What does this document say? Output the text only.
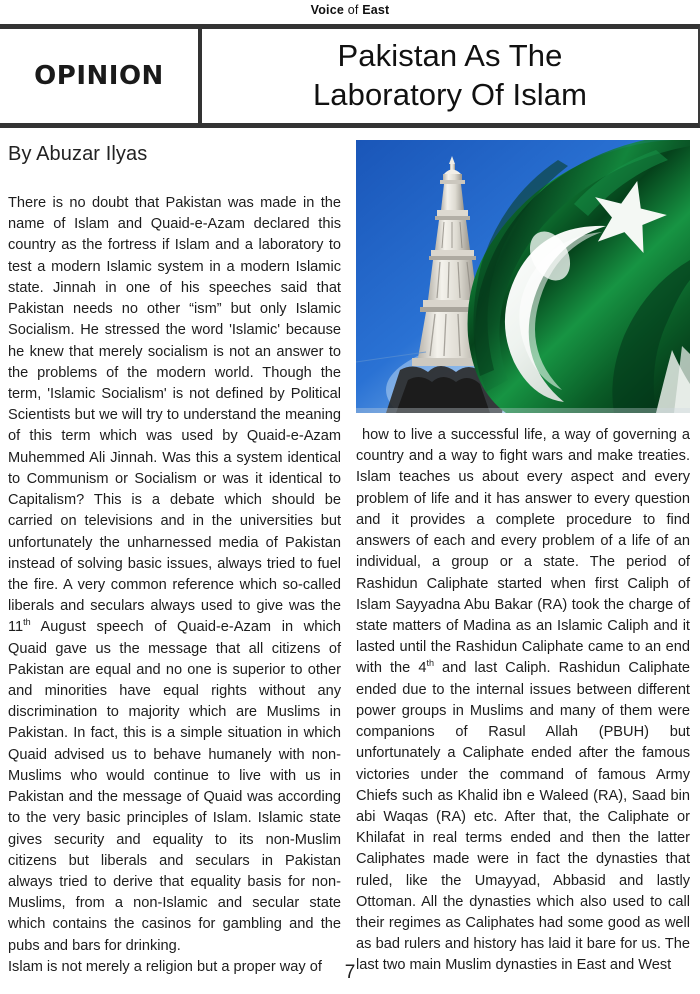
Voice of East
OPINION
Pakistan As The
Laboratory Of Islam
By Abuzar Ilyas

There is no doubt that Pakistan was made in the name of Islam and Quaid-e-Azam declared this country as the fortress if Islam and a laboratory to test a modern Islamic system in a modern Islamic state. Jinnah in one of his speeches said that Pakistan needs no other “ism” but only Islamic Socialism. He stressed the word 'Islamic' because he knew that merely socialism is not an answer to the problems of the modern world. Though the term, 'Islamic Socialism' is not defined by Political Scientists but we will try to understand the meaning of this term which was used by Quaid-e-Azam Muhemmed Ali Jinnah. Was this a system identical to Communism or Socialism or was it identical to Capitalism? This is a debate which should be carried on televisions and in the universities but unfortunately the unharnessed media of Pakistan instead of solving basic issues, always tried to fuel the fire. A very common reference which so-called liberals and seculars always used to give was the 11th August speech of Quaid-e-Azam in which Quaid gave us the message that all citizens of Pakistan are equal and no one is superior to other and minorities have equal rights without any discrimination to majority which are Muslims in Pakistan. In fact, this is a simple situation in which Quaid advised us to behave humanely with non-Muslims who would continue to live with us in Pakistan and the message of Quaid was according to the very basic principles of Islam. Islamic state gives security and equality to its non-Muslim citizens but liberals and seculars in Pakistan always tried to derive that equality basis for non-Muslims, from a non-Islamic and secular state which contains the casinos for gambling and the pubs and bars for drinking.

Islam is not merely a religion but a proper way of

how to live a successful life, a way of governing a country and a way to fight wars and make treaties. Islam teaches us about every aspect and every problem of life and it has answer to every question and it provides a complete procedure to find answers of each and every problem of a life of an individual, a group or a state. The period of Rashidun Caliphate started when first Caliph of Islam Sayyadna Abu Bakar (RA) took the charge of state matters of Madina as an Islamic Caliph and it lasted until the Rashidun Caliphate came to an end with the 4th and last Caliph. Rashidun Caliphate ended due to the internal issues between different power groups in Muslims and many of them were companions of Rasul Allah (PBUH) but unfortunately a Caliphate ended after the famous victories under the command of famous Army Chiefs such as Khalid ibn e Waleed (RA), Saad bin abi Waqas (RA) etc. After that, the Caliphate or Khilafat in real terms ended and then the latter Caliphates made were in fact the dynasties that ruled, like the Umayyad, Abbasid and lastly Ottoman. All the dynasties which also used to call their regimes as Caliphates had some good as well as bad rulers and history has laid it bare for us. The last two main Muslim dynasties in East and West

7
